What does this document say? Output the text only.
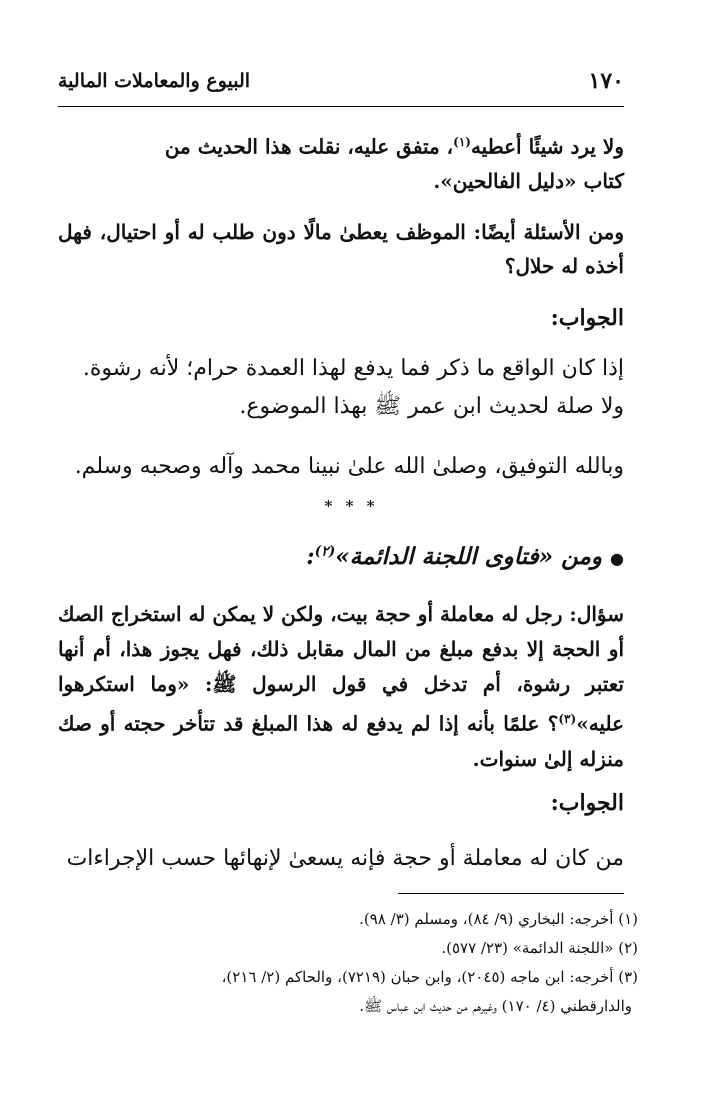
١٧٠
البيوع والمعاملات المالية
ولا يرد شيئًا أعطيه$^{(١)}$، متفق عليه، نقلت هذا الحديث من
كتاب «دليل الفالحين».
ومن الأسئلة أيضًا: الموظف يعطىٰ مالًا دون طلب له أو احتيال، فهل أخذه له حلال؟
الجواب:
إذا كان الواقع ما ذكر فما يدفع لهذا العمدة حرام؛ لأنه رشوة.
ولا صلة لحديث ابن عمر ﷺ بهذا الموضوع.
وبالله التوفيق، وصلىٰ الله علىٰ نبينا محمد وآله وصحبه وسلم.
* * *
●ومن «فتاوى اللجنة الدائمة»$^{(٢)}$:
سؤال: رجل له معاملة أو حجة بيت، ولكن لا يمكن له استخراج الصك أو الحجة إلا بدفع مبلغ من المال مقابل ذلك، فهل يجوز هذا، أم أنها تعتبر رشوة، أم تدخل في قول الرسول ﷺ: «وما استكرهوا عليه»$^{(٣)}$؟ علمًا بأنه إذا لم يدفع له هذا المبلغ قد تتأخر حجته أو صك منزله إلىٰ سنوات.
الجواب:
من كان له معاملة أو حجة فإنه يسعىٰ لإنهائها حسب الإجراءات
(١) أخرجه: البخاري (٩/ ٨٤)، ومسلم (٣/ ٩٨).
(٢) «اللجنة الدائمة» (٢٣/ ٥٧٧).
(٣) أخرجه: ابن ماجه (٢٠٤٥)، وابن حبان (٧٢١٩)، والحاكم (٢/ ٢١٦)،
والدارقطني (٤/ ١٧٠) وغيرهم من حديث ابن عباس ﷺ.
